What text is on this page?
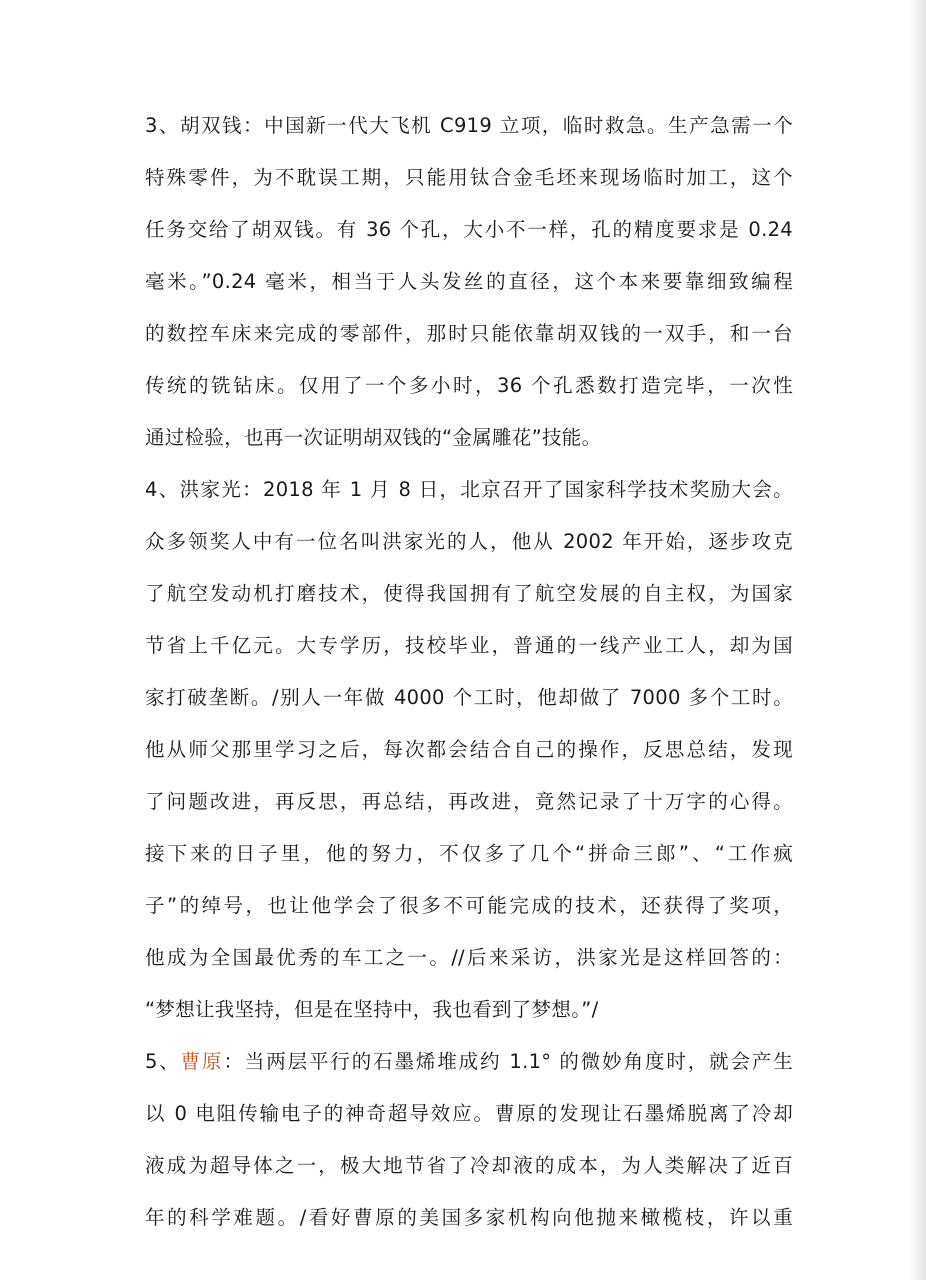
3、胡双钱：中国新一代大飞机 C919 立项，临时救急。生产急需一个
特殊零件，为不耽误工期，只能用钛合金毛坯来现场临时加工，这个
任务交给了胡双钱。有 36 个孔，大小不一样，孔的精度要求是 0.24
毫米。”0.24 毫米，相当于人头发丝的直径，这个本来要靠细致编程
的数控车床来完成的零部件，那时只能依靠胡双钱的一双手，和一台
传统的铣钻床。仅用了一个多小时，36 个孔悉数打造完毕，一次性
通过检验，也再一次证明胡双钱的“金属雕花”技能。
4、洪家光：2018 年 1 月 8 日，北京召开了国家科学技术奖励大会。
众多领奖人中有一位名叫洪家光的人，他从 2002 年开始，逐步攻克
了航空发动机打磨技术，使得我国拥有了航空发展的自主权，为国家
节省上千亿元。大专学历，技校毕业，普通的一线产业工人，却为国
家打破垄断。/别人一年做 4000 个工时，他却做了 7000 多个工时。
他从师父那里学习之后，每次都会结合自己的操作，反思总结，发现
了问题改进，再反思，再总结，再改进，竟然记录了十万字的心得。
接下来的日子里，他的努力，不仅多了几个“拼命三郎”、“工作疯
子”的绰号，也让他学会了很多不可能完成的技术，还获得了奖项，
他成为全国最优秀的车工之一。//后来采访，洪家光是这样回答的：
“梦想让我坚持，但是在坚持中，我也看到了梦想。”/
5、曹原：当两层平行的石墨烯堆成约 1.1° 的微妙角度时，就会产生
以 0 电阻传输电子的神奇超导效应。曹原的发现让石墨烯脱离了冷却
液成为超导体之一，极大地节省了冷却液的成本，为人类解决了近百
年的科学难题。/看好曹原的美国多家机构向他抛来橄榄枝，许以重
